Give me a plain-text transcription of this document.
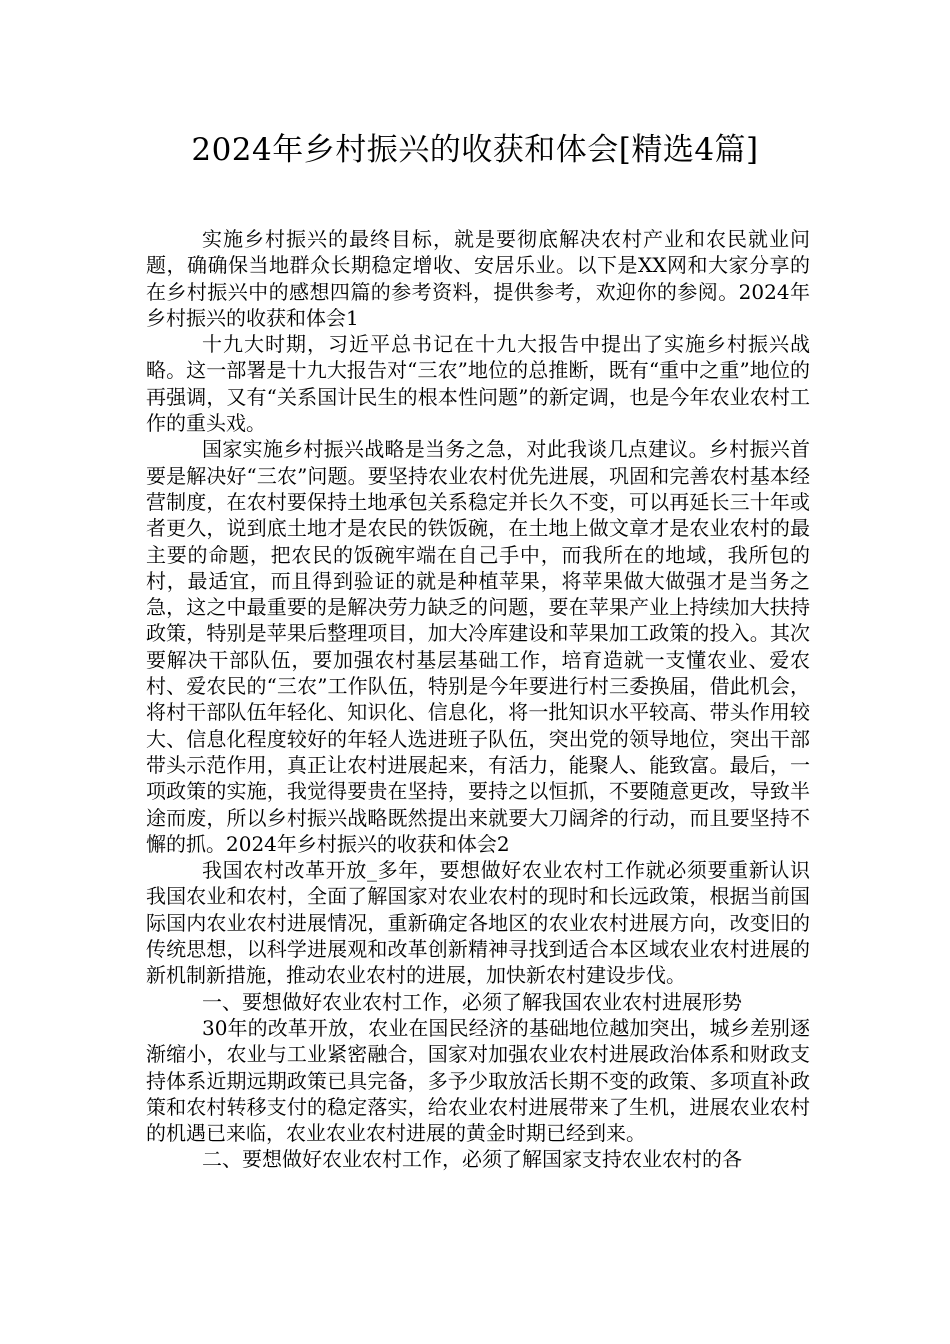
2024年乡村振兴的收获和体会[精选4篇]

实施乡村振兴的最终目标，就是要彻底解决农村产业和农民就业问题，确确保当地群众长期稳定增收、安居乐业。以下是XX网和大家分享的在乡村振兴中的感想四篇的参考资料，提供参考，欢迎你的参阅。2024年乡村振兴的收获和体会1

十九大时期，习近平总书记在十九大报告中提出了实施乡村振兴战略。这一部署是十九大报告对“三农”地位的总推断，既有“重中之重”地位的再强调，又有“关系国计民生的根本性问题”的新定调，也是今年农业农村工作的重头戏。

国家实施乡村振兴战略是当务之急，对此我谈几点建议。乡村振兴首要是解决好“三农”问题。要坚持农业农村优先进展，巩固和完善农村基本经营制度，在农村要保持土地承包关系稳定并长久不变，可以再延长三十年或者更久，说到底土地才是农民的铁饭碗，在土地上做文章才是农业农村的最主要的命题，把农民的饭碗牢端在自己手中，而我所在的地域，我所包的村，最适宜，而且得到验证的就是种植苹果，将苹果做大做强才是当务之急，这之中最重要的是解决劳力缺乏的问题，要在苹果产业上持续加大扶持政策，特别是苹果后整理项目，加大冷库建设和苹果加工政策的投入。其次要解决干部队伍，要加强农村基层基础工作，培育造就一支懂农业、爱农村、爱农民的“三农”工作队伍，特别是今年要进行村三委换届，借此机会，将村干部队伍年轻化、知识化、信息化，将一批知识水平较高、带头作用较大、信息化程度较好的年轻人选进班子队伍，突出党的领导地位，突出干部带头示范作用，真正让农村进展起来，有活力，能聚人、能致富。最后，一项政策的实施，我觉得要贵在坚持，要持之以恒抓，不要随意更改，导致半途而废，所以乡村振兴战略既然提出来就要大刀阔斧的行动，而且要坚持不懈的抓。2024年乡村振兴的收获和体会2

我国农村改革开放_多年，要想做好农业农村工作就必须要重新认识我国农业和农村，全面了解国家对农业农村的现时和长远政策，根据当前国际国内农业农村进展情况，重新确定各地区的农业农村进展方向，改变旧的传统思想，以科学进展观和改革创新精神寻找到适合本区域农业农村进展的新机制新措施，推动农业农村的进展，加快新农村建设步伐。

一、要想做好农业农村工作，必须了解我国农业农村进展形势

30年的改革开放，农业在国民经济的基础地位越加突出，城乡差别逐渐缩小，农业与工业紧密融合，国家对加强农业农村进展政治体系和财政支持体系近期远期政策已具完备，多予少取放活长期不变的政策、多项直补政策和农村转移支付的稳定落实，给农业农村进展带来了生机，进展农业农村的机遇已来临，农业农业农村进展的黄金时期已经到来。

二、要想做好农业农村工作，必须了解国家支持农业农村的各
